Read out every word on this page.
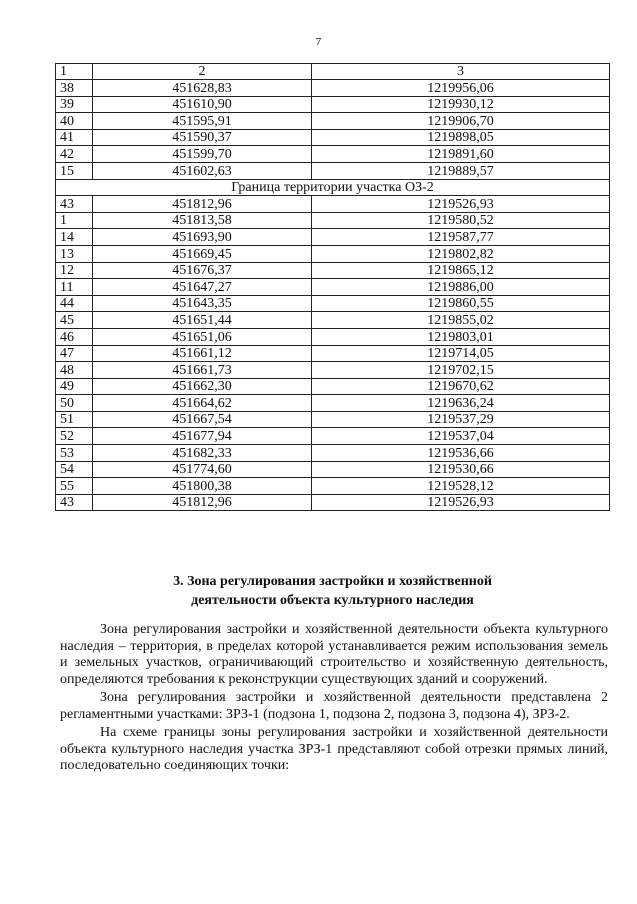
7
1	2	3
38	451628,83	1219956,06
39	451610,90	1219930,12
40	451595,91	1219906,70
41	451590,37	1219898,05
42	451599,70	1219891,60
15	451602,63	1219889,57
Граница территории участка ОЗ-2		
43	451812,96	1219526,93
1	451813,58	1219580,52
14	451693,90	1219587,77
13	451669,45	1219802,82
12	451676,37	1219865,12
11	451647,27	1219886,00
44	451643,35	1219860,55
45	451651,44	1219855,02
46	451651,06	1219803,01
47	451661,12	1219714,05
48	451661,73	1219702,15
49	451662,30	1219670,62
50	451664,62	1219636,24
51	451667,54	1219537,29
52	451677,94	1219537,04
53	451682,33	1219536,66
54	451774,60	1219530,66
55	451800,38	1219528,12
43	451812,96	1219526,93
3. Зона регулирования застройки и хозяйственной
деятельности объекта культурного наследия

Зона регулирования застройки и хозяйственной деятельности объекта культурного наследия – территория, в пределах которой устанавливается режим использования земель и земельных участков, ограничивающий строительство и хозяйственную деятельность, определяются требования к реконструкции существующих зданий и сооружений.

Зона регулирования застройки и хозяйственной деятельности представлена 2 регламентными участками: ЗРЗ-1 (подзона 1, подзона 2, подзона 3, подзона 4), ЗРЗ-2.

На схеме границы зоны регулирования застройки и хозяйственной деятельности объекта культурного наследия участка ЗРЗ-1 представляют собой отрезки прямых линий, последовательно соединяющих точки:
